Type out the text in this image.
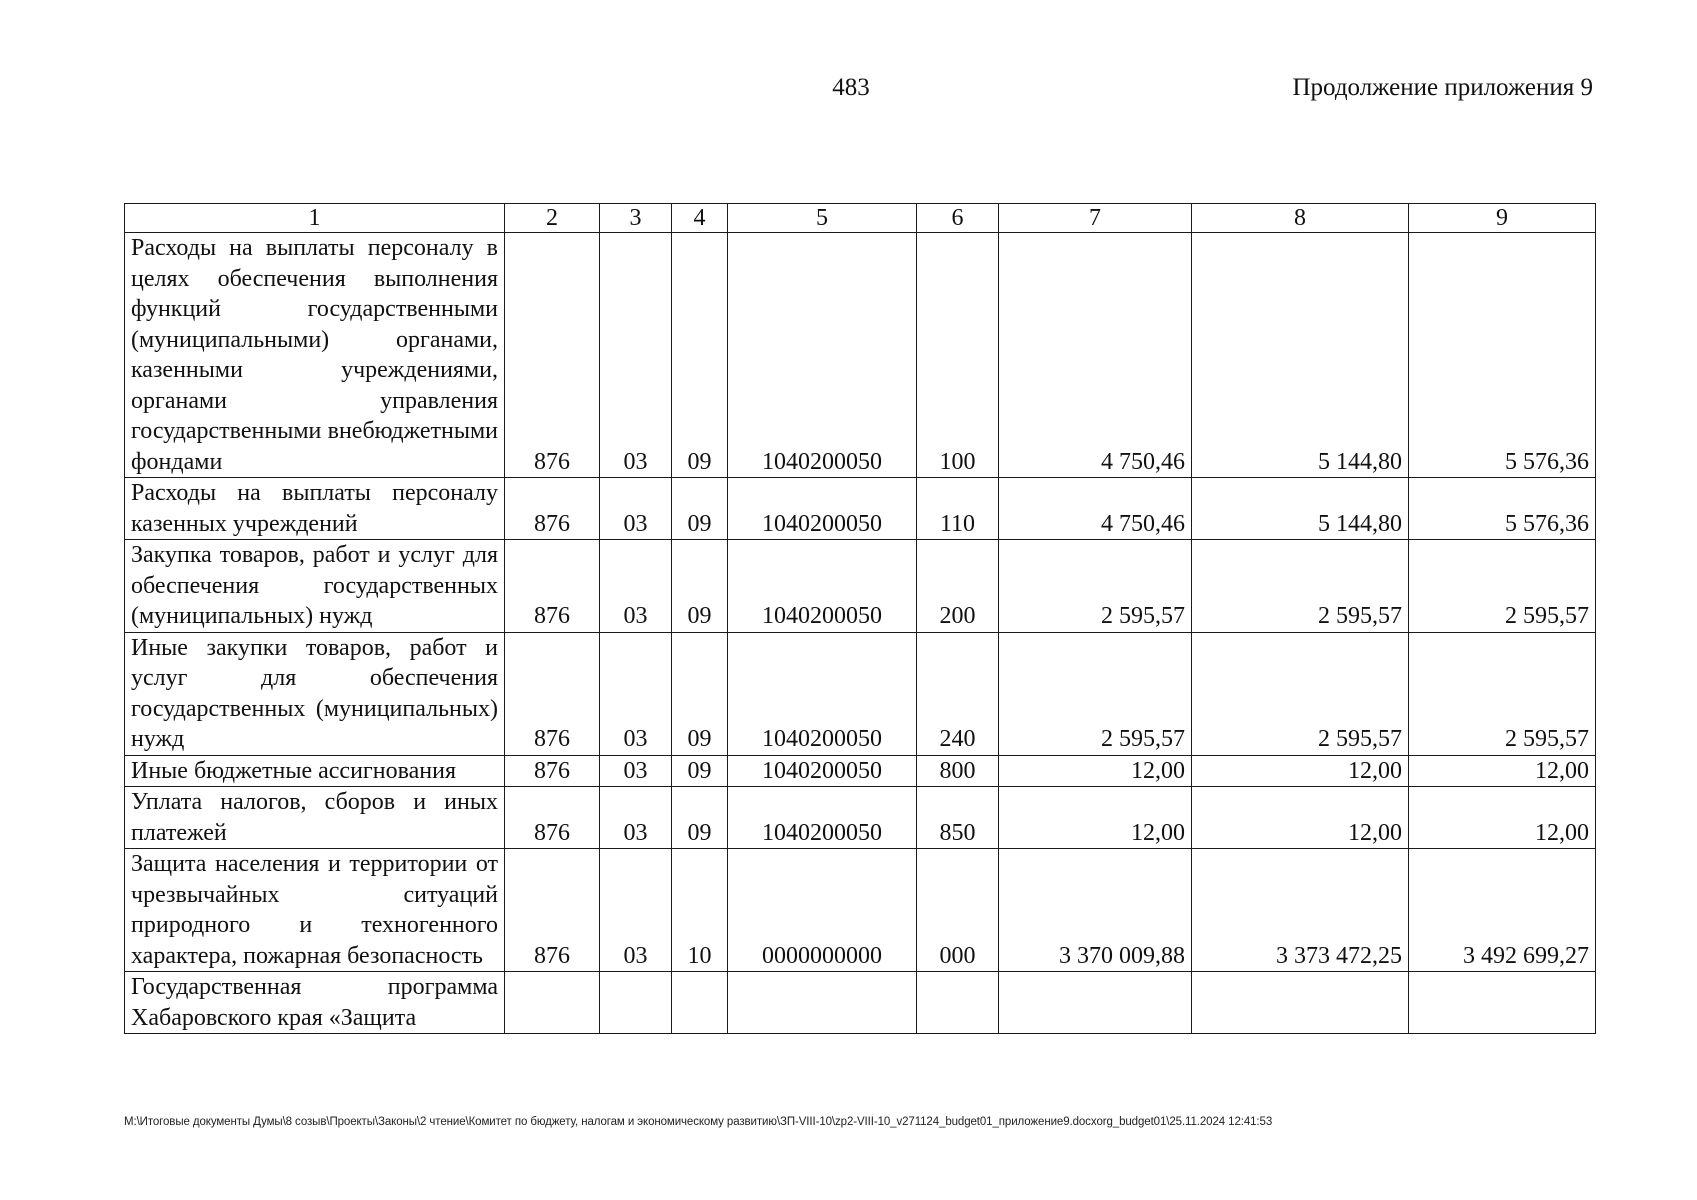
483	Продолжение приложения 9
1	2	3	4	5	6	7	8	9
Расходы на выплаты персоналу в целях обеспечения выполнения функций государственными (муниципальными) органами, казенными учреждениями, органами управления государственными внебюджетными фондами	876	03	09	1040200050	100	4 750,46	5 144,80	5 576,36
Расходы на выплаты персоналу казенных учреждений	876	03	09	1040200050	110	4 750,46	5 144,80	5 576,36
Закупка товаров, работ и услуг для обеспечения государственных (муниципальных) нужд	876	03	09	1040200050	200	2 595,57	2 595,57	2 595,57
Иные закупки товаров, работ и услуг для обеспечения государственных (муниципальных) нужд	876	03	09	1040200050	240	2 595,57	2 595,57	2 595,57
Иные бюджетные ассигнования	876	03	09	1040200050	800	12,00	12,00	12,00
Уплата налогов, сборов и иных платежей	876	03	09	1040200050	850	12,00	12,00	12,00
Защита населения и территории от чрезвычайных ситуаций природного и техногенного характера, пожарная безопасность	876	03	10	0000000000	000	3 370 009,88	3 373 472,25	3 492 699,27
Государственная программа Хабаровского края «Защита								
M:\Итоговые документы Думы\8 созыв\Проекты\Законы\2 чтение\Комитет по бюджету, налогам и экономическому развитию\ЗП-VIII-10\zp2-VIII-10_v271124_budget01_приложение9.docxorg_budget01\25.11.2024 12:41:53
